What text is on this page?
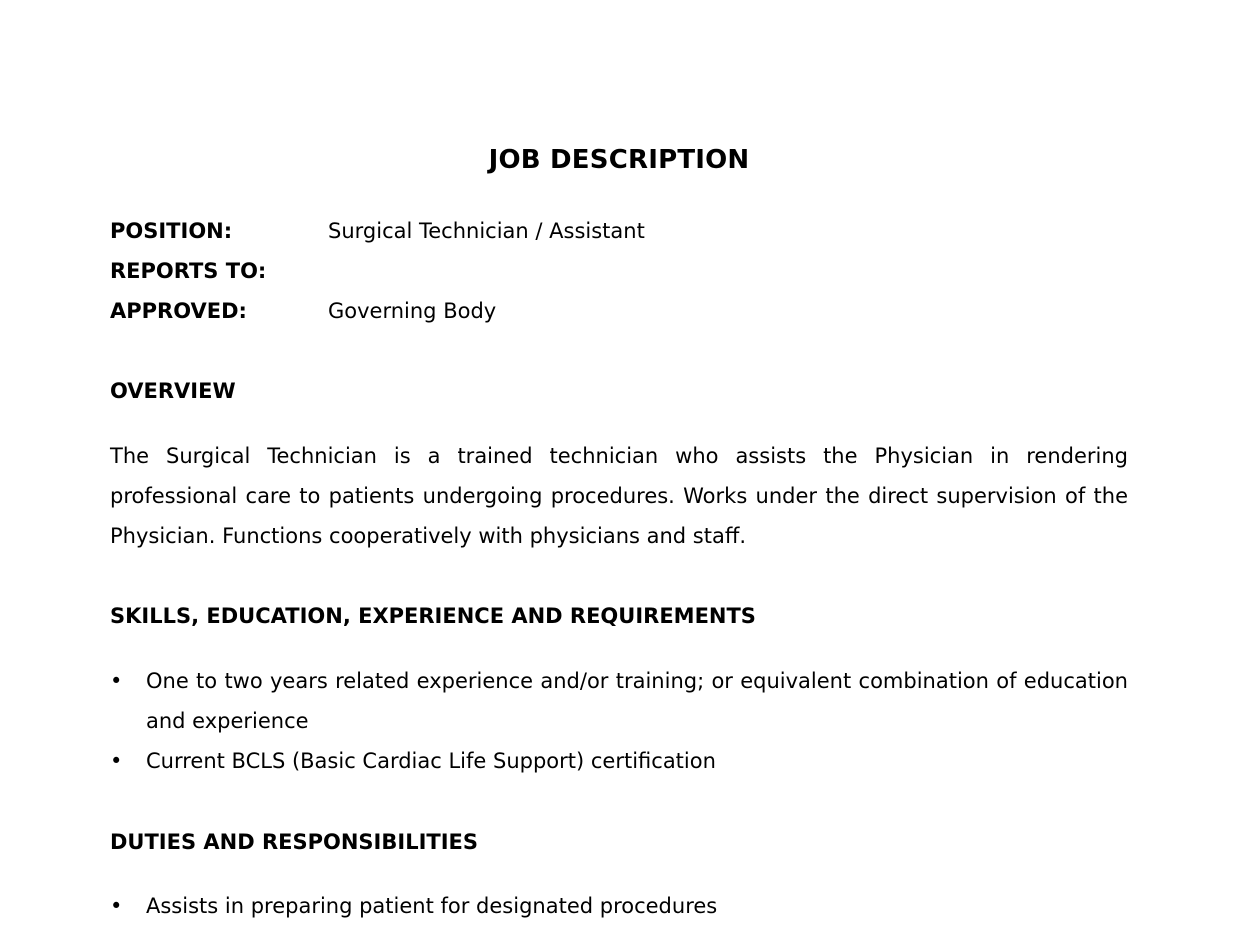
JOB DESCRIPTION
POSITION:	Surgical Technician / Assistant
REPORTS TO:
APPROVED:	Governing Body
OVERVIEW
The Surgical Technician is a trained technician who assists the Physician in rendering professional care to patients undergoing procedures. Works under the direct supervision of the Physician. Functions cooperatively with physicians and staff.
SKILLS, EDUCATION, EXPERIENCE AND REQUIREMENTS
•	One to two years related experience and/or training; or equivalent combination of education and experience
•	Current BCLS (Basic Cardiac Life Support) certification
DUTIES AND RESPONSIBILITIES
•	Assists in preparing patient for designated procedures
